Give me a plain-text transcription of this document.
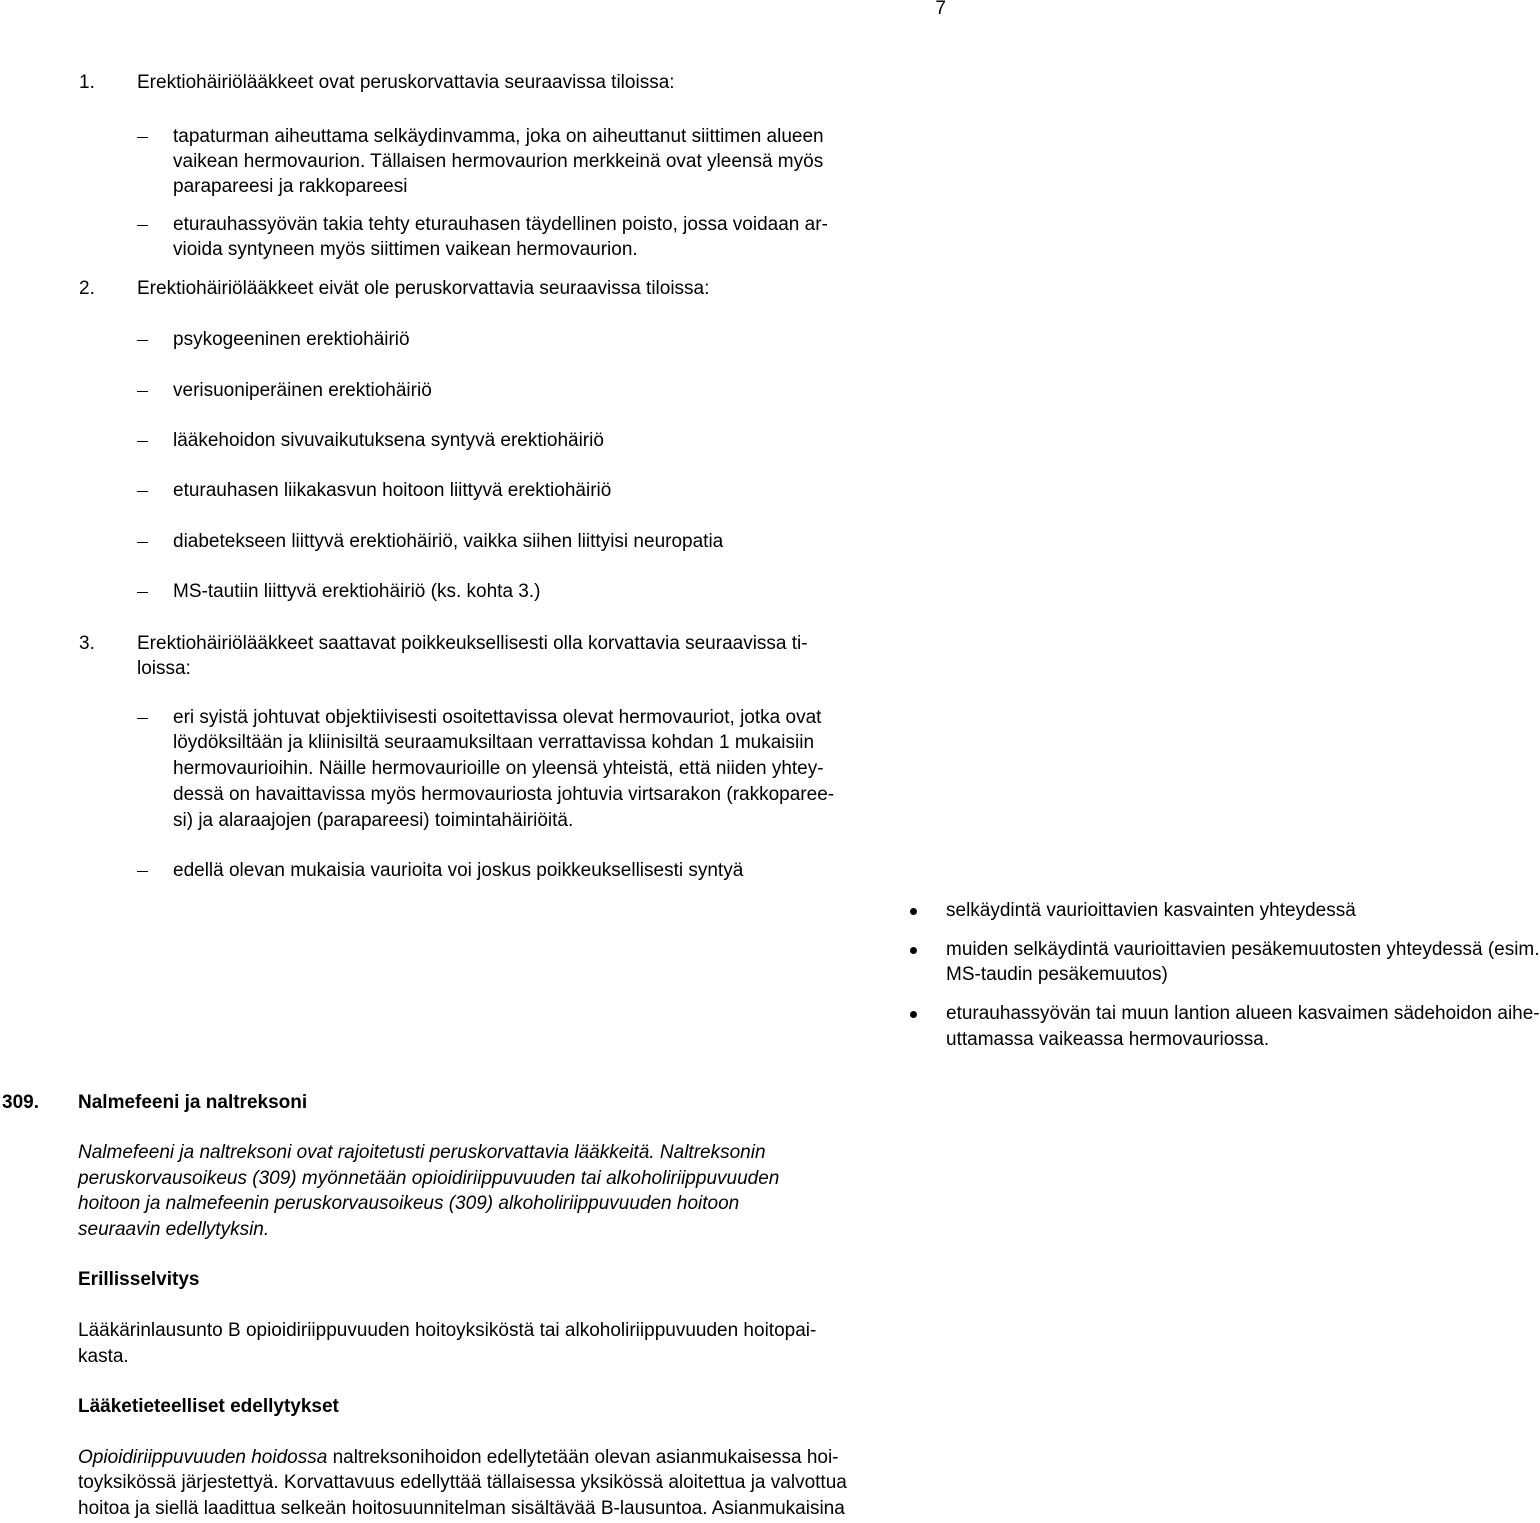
7
1. Erektiohäiriölääkkeet ovat peruskorvattavia seuraavissa tiloissa:
tapaturman aiheuttama selkäydinvamma, joka on aiheuttanut siittimen alueen
vaikean hermovaurion. Tällaisen hermovaurion merkkeinä ovat yleensä myös
parapareesi ja rakkopareesi
eturauhassyövän takia tehty eturauhasen täydellinen poisto, jossa voidaan ar-
vioida syntyneen myös siittimen vaikean hermovaurion.
2. Erektiohäiriölääkkeet eivät ole peruskorvattavia seuraavissa tiloissa:
psykogeeninen erektiohäiriö
verisuoniperäinen erektiohäiriö
lääkehoidon sivuvaikutuksena syntyvä erektiohäiriö
eturauhasen liikakasvun hoitoon liittyvä erektiohäiriö
diabetekseen liittyvä erektiohäiriö, vaikka siihen liittyisi neuropatia
MS-tautiin liittyvä erektiohäiriö (ks. kohta 3.)
3. Erektiohäiriölääkkeet saattavat poikkeuksellisesti olla korvattavia seuraavissa ti-
loissa:
eri syistä johtuvat objektiivisesti osoitettavissa olevat hermovauriot, jotka ovat
löydöksiltään ja kliinisiltä seuraamuksiltaan verrattavissa kohdan 1 mukaisiin
hermovaurioihin. Näille hermovaurioille on yleensä yhteistä, että niiden yhtey-
dessä on havaittavissa myös hermovauriosta johtuvia virtsarakon (rakkoparee-
si) ja alaraajojen (parapareesi) toimintahäiriöitä.
edellä olevan mukaisia vaurioita voi joskus poikkeuksellisesti syntyä
selkäydintä vaurioittavien kasvainten yhteydessä
muiden selkäydintä vaurioittavien pesäkemuutosten yhteydessä (esim.
MS-taudin pesäkemuutos)
eturauhassyövän tai muun lantion alueen kasvaimen sädehoidon aihe-
uttamassa vaikeassa hermovauriossa.
309. Nalmefeeni ja naltreksoni
Nalmefeeni ja naltreksoni ovat rajoitetusti peruskorvattavia lääkkeitä. Naltreksonin
peruskorvausoikeus (309) myönnetään opioidiriippuvuuden tai alkoholiriippuvuuden
hoitoon ja nalmefeenin peruskorvausoikeus (309) alkoholiriippuvuuden hoitoon
seuraavin edellytyksin.
Erillisselvitys
Lääkärinlausunto B opioidiriippuvuuden hoitoyksiköstä tai alkoholiriippuvuuden hoitopai-
kasta.
Lääketieteelliset edellytykset
Opioidiriippuvuuden hoidossa naltreksonihoidon edellytetään olevan asianmukaisessa hoi-
toyksikössä järjestettyä. Korvattavuus edellyttää tällaisessa yksikössä aloitettua ja valvottua
hoitoa ja siellä laadittua selkeän hoitosuunnitelman sisältävää B-lausuntoa. Asianmukaisina
